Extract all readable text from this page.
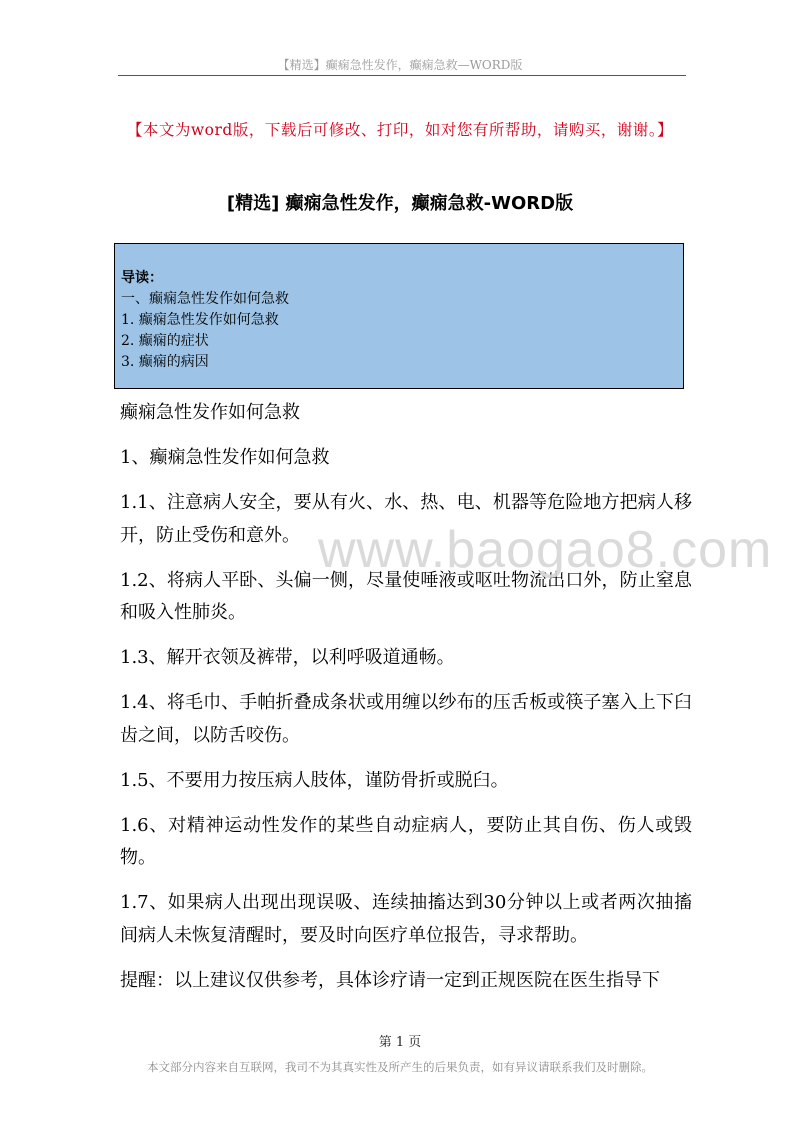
【精选】癫痫急性发作，癫痫急救—WORD版
【本文为word版，下载后可修改、打印，如对您有所帮助，请购买，谢谢。】
[精选] 癫痫急性发作，癫痫急救-WORD版
导读：
一、癫痫急性发作如何急救
1. 癫痫急性发作如何急救
2. 癫痫的症状
3. 癫痫的病因

癫痫急性发作如何急救

1、癫痫急性发作如何急救

1.1、注意病人安全，要从有火、水、热、电、机器等危险地方把病人移开，防止受伤和意外。

1.2、将病人平卧、头偏一侧，尽量使唾液或呕吐物流出口外，防止窒息和吸入性肺炎。

1.3、解开衣领及裤带，以利呼吸道通畅。

1.4、将毛巾、手帕折叠成条状或用缠以纱布的压舌板或筷子塞入上下臼齿之间，以防舌咬伤。

1.5、不要用力按压病人肢体，谨防骨折或脱臼。

1.6、对精神运动性发作的某些自动症病人，要防止其自伤、伤人或毁物。

1.7、如果病人出现出现误吸、连续抽搐达到30分钟以上或者两次抽搐间病人未恢复清醒时，要及时向医疗单位报告，寻求帮助。

提醒：以上建议仅供参考，具体诊疗请一定到正规医院在医生指导下

www.baogao8.com
第 1 页
本文部分内容来自互联网，我司不为其真实性及所产生的后果负责，如有异议请联系我们及时删除。
